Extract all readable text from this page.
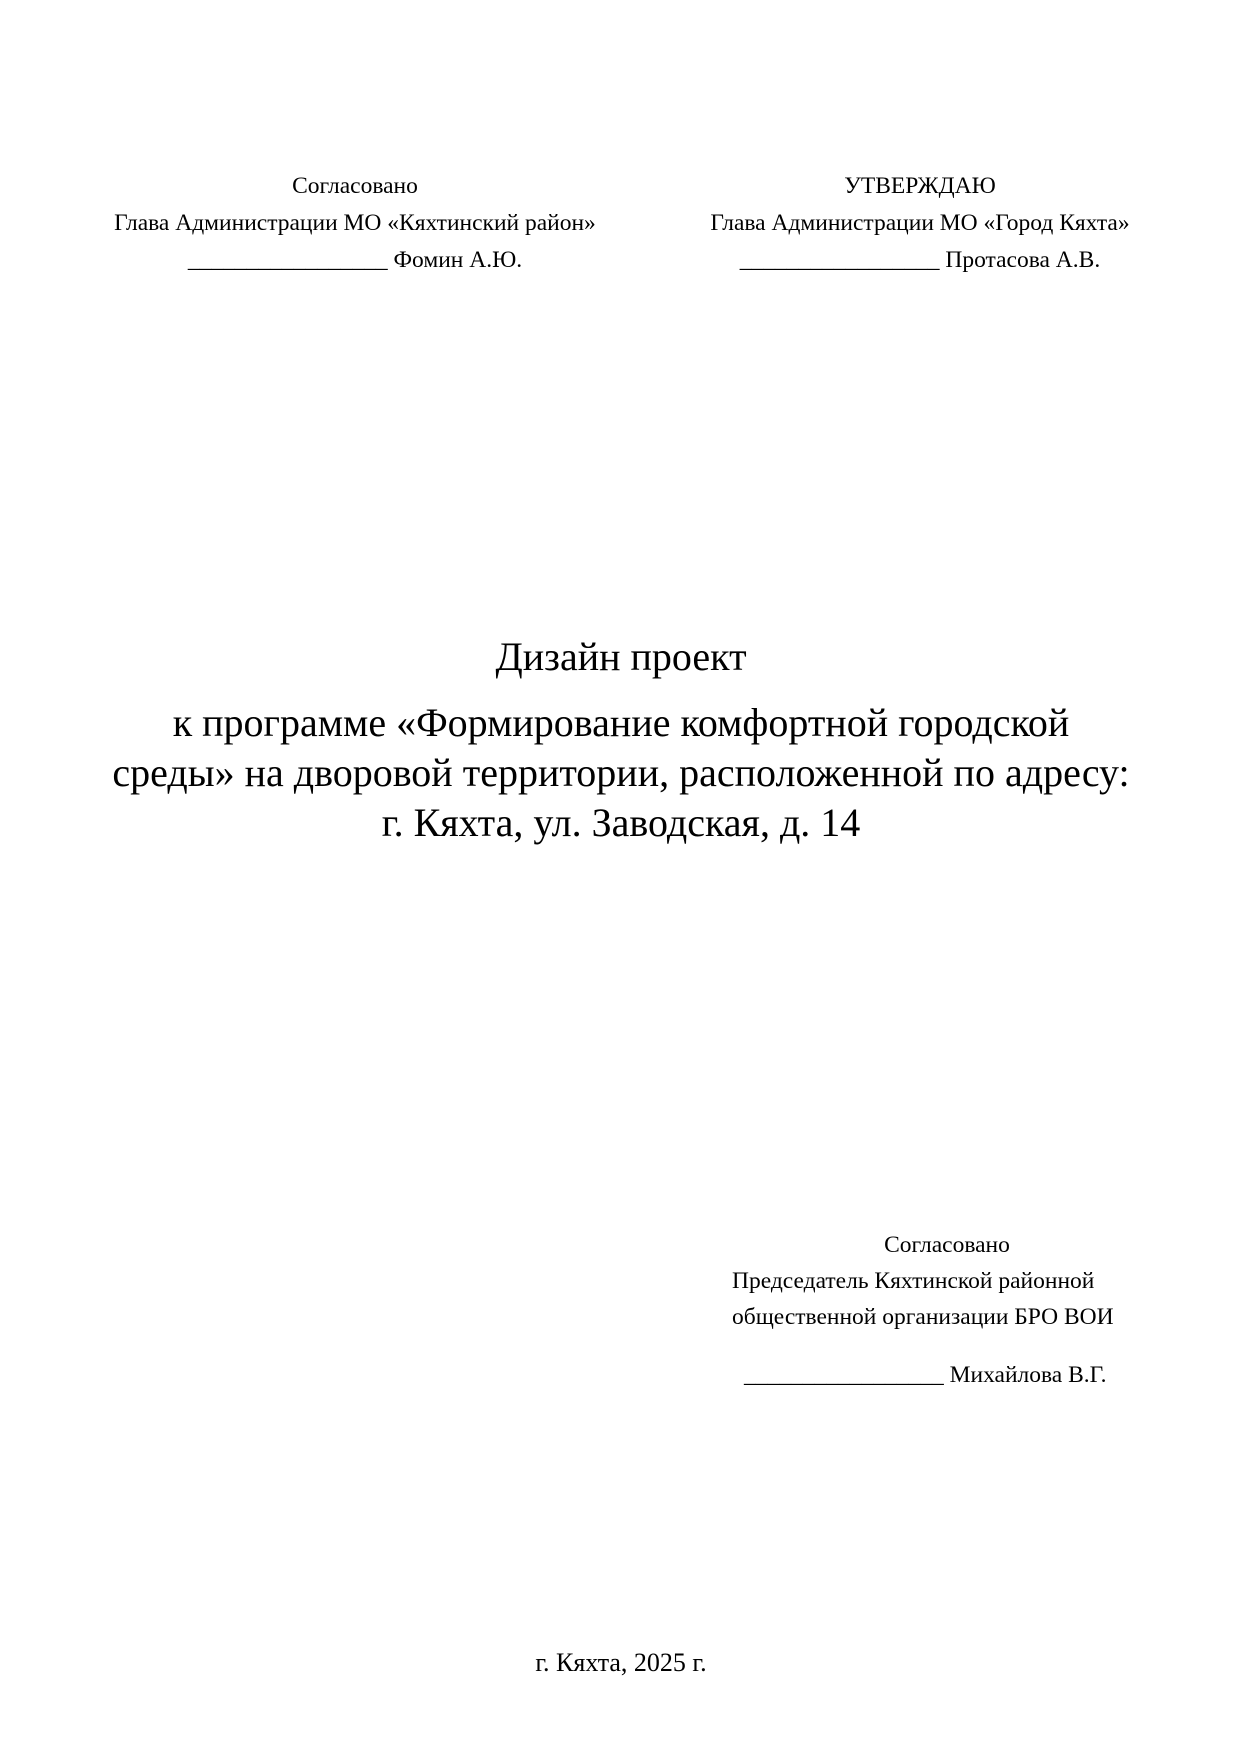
Согласовано
Глава Администрации МО «Кяхтинский район»
_________________ Фомин А.Ю.
УТВЕРЖДАЮ
Глава Администрации МО «Город Кяхта»
_________________ Протасова А.В.
Дизайн проект
к программе «Формирование комфортной городской
среды» на дворовой территории, расположенной по адресу:
г. Кяхта, ул. Заводская, д. 14
Согласовано
Председатель Кяхтинской районной
общественной организации БРО ВОИ
_________________ Михайлова В.Г.
г. Кяхта, 2025 г.
